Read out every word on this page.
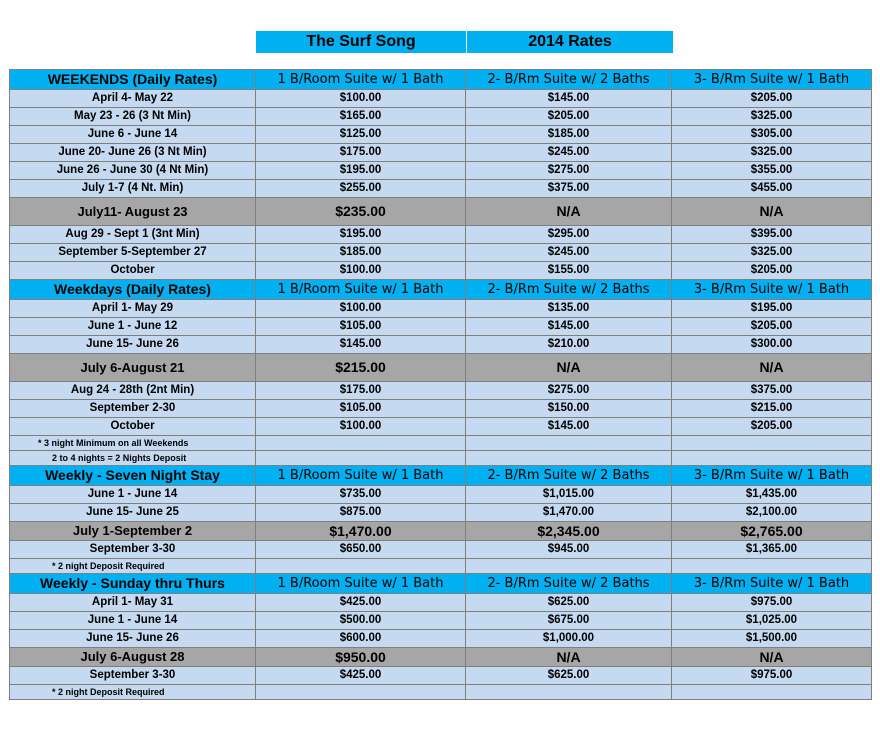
The Surf Song	2014 Rates
WEEKENDS (Daily Rates)	1 B/Room Suite w/ 1 Bath	2- B/Rm Suite w/ 2 Baths	3- B/Rm Suite w/ 1 Bath
April 4- May 22	$100.00	$145.00	$205.00
May 23 - 26 (3 Nt Min)	$165.00	$205.00	$325.00
June 6 - June 14	$125.00	$185.00	$305.00
June 20- June 26 (3 Nt Min)	$175.00	$245.00	$325.00
June 26 - June 30 (4 Nt Min)	$195.00	$275.00	$355.00
July 1-7 (4 Nt. Min)	$255.00	$375.00	$455.00
July11- August 23	$235.00	N/A	N/A
Aug 29 - Sept 1 (3nt Min)	$195.00	$295.00	$395.00
September 5-September 27	$185.00	$245.00	$325.00
October	$100.00	$155.00	$205.00
Weekdays (Daily Rates)	1 B/Room Suite w/ 1 Bath	2- B/Rm Suite w/ 2 Baths	3- B/Rm Suite w/ 1 Bath
April 1- May 29	$100.00	$135.00	$195.00
June 1 - June 12	$105.00	$145.00	$205.00
June 15- June 26	$145.00	$210.00	$300.00
July 6-August 21	$215.00	N/A	N/A
Aug 24 - 28th (2nt Min)	$175.00	$275.00	$375.00
September 2-30	$105.00	$150.00	$215.00
October	$100.00	$145.00	$205.00
* 3 night Minimum on all Weekends			
2 to 4 nights = 2 Nights Deposit			
Weekly - Seven Night Stay	1 B/Room Suite w/ 1 Bath	2- B/Rm Suite w/ 2 Baths	3- B/Rm Suite w/ 1 Bath
June 1 - June 14	$735.00	$1,015.00	$1,435.00
June 15- June 25	$875.00	$1,470.00	$2,100.00
July 1-September 2	$1,470.00	$2,345.00	$2,765.00
September 3-30	$650.00	$945.00	$1,365.00
* 2 night Deposit Required			
Weekly - Sunday thru Thurs	1 B/Room Suite w/ 1 Bath	2- B/Rm Suite w/ 2 Baths	3- B/Rm Suite w/ 1 Bath
April 1- May 31	$425.00	$625.00	$975.00
June 1 - June 14	$500.00	$675.00	$1,025.00
June 15- June 26	$600.00	$1,000.00	$1,500.00
July 6-August 28	$950.00	N/A	N/A
September 3-30	$425.00	$625.00	$975.00
* 2 night Deposit Required			
